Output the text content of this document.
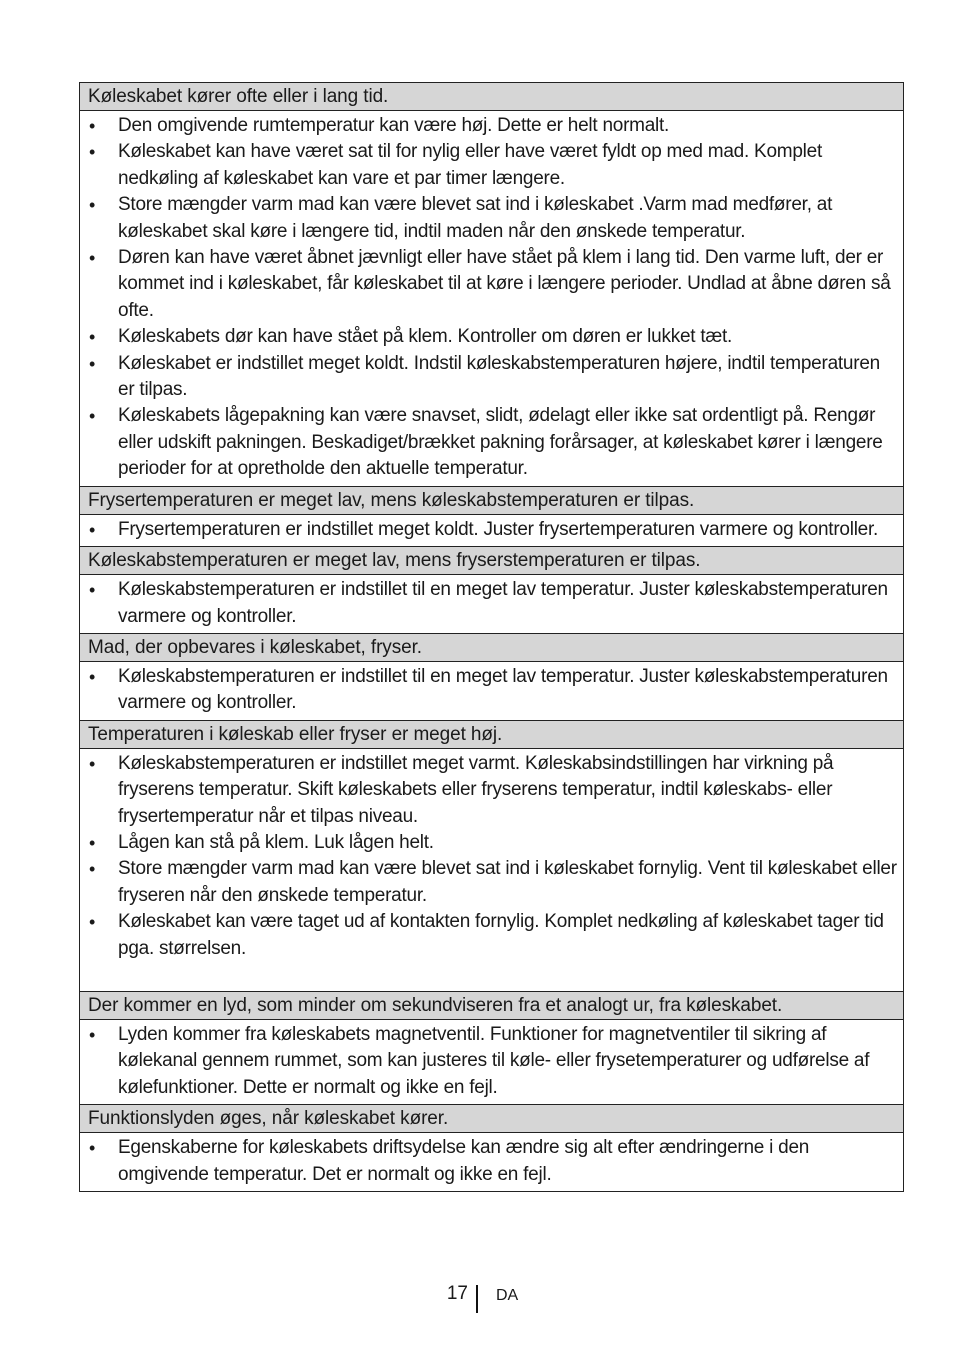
Køleskabet kører ofte eller i lang tid.
• Den omgivende rumtemperatur kan være høj. Dette er helt normalt.
• Køleskabet kan have været sat til for nylig eller have været fyldt op med mad. Komplet nedkøling af køleskabet kan vare et par timer længere.
• Store mængder varm mad kan være blevet sat ind i køleskabet .Varm mad medfører, at køleskabet skal køre i længere tid, indtil maden når den ønskede temperatur.
• Døren kan have været åbnet jævnligt eller have stået på klem i lang tid. Den varme luft, der er kommet ind i køleskabet, får køleskabet til at køre i længere perioder. Undlad at åbne døren så ofte.
• Køleskabets dør kan have stået på klem. Kontroller om døren er lukket tæt.
• Køleskabet er indstillet meget koldt. Indstil køleskabstemperaturen højere, indtil temperaturen er tilpas.
• Køleskabets lågepakning kan være snavset, slidt, ødelagt eller ikke sat ordentligt på. Rengør eller udskift pakningen. Beskadiget/brækket pakning forårsager, at køleskabet kører i længere perioder for at opretholde den aktuelle temperatur.
Frysertemperaturen er meget lav, mens køleskabstemperaturen er tilpas.
• Frysertemperaturen er indstillet meget koldt. Juster frysertemperaturen varmere og kontroller.
Køleskabstemperaturen er meget lav, mens fryserstemperaturen er tilpas.
• Køleskabstemperaturen er indstillet til en meget lav temperatur. Juster køleskabstemperaturen varmere og kontroller.
Mad, der opbevares i køleskabet, fryser.
• Køleskabstemperaturen er indstillet til en meget lav temperatur. Juster køleskabstemperaturen varmere og kontroller.
Temperaturen i køleskab eller fryser er meget høj.
• Køleskabstemperaturen er indstillet meget varmt. Køleskabsindstillingen har virkning på fryserens temperatur. Skift køleskabets eller fryserens temperatur, indtil køleskabs- eller frysertemperatur når et tilpas niveau.
• Lågen kan stå på klem. Luk lågen helt.
• Store mængder varm mad kan være blevet sat ind i køleskabet fornylig. Vent til køleskabet eller fryseren når den ønskede temperatur.
• Køleskabet kan være taget ud af kontakten fornylig. Komplet nedkøling af køleskabet tager tid pga. størrelsen.
Der kommer en lyd, som minder om sekundviseren fra et analogt ur, fra køleskabet.
• Lyden kommer fra køleskabets magnetventil. Funktioner for magnetventiler til sikring af kølekanal gennem rummet, som kan justeres til køle- eller frysetemperaturer og udførelse af kølefunktioner. Dette er normalt og ikke en fejl.
Funktionslyden øges, når køleskabet kører.
• Egenskaberne for køleskabets driftsydelse kan ændre sig alt efter ændringerne i den omgivende temperatur. Det er normalt og ikke en fejl.
17 DA
